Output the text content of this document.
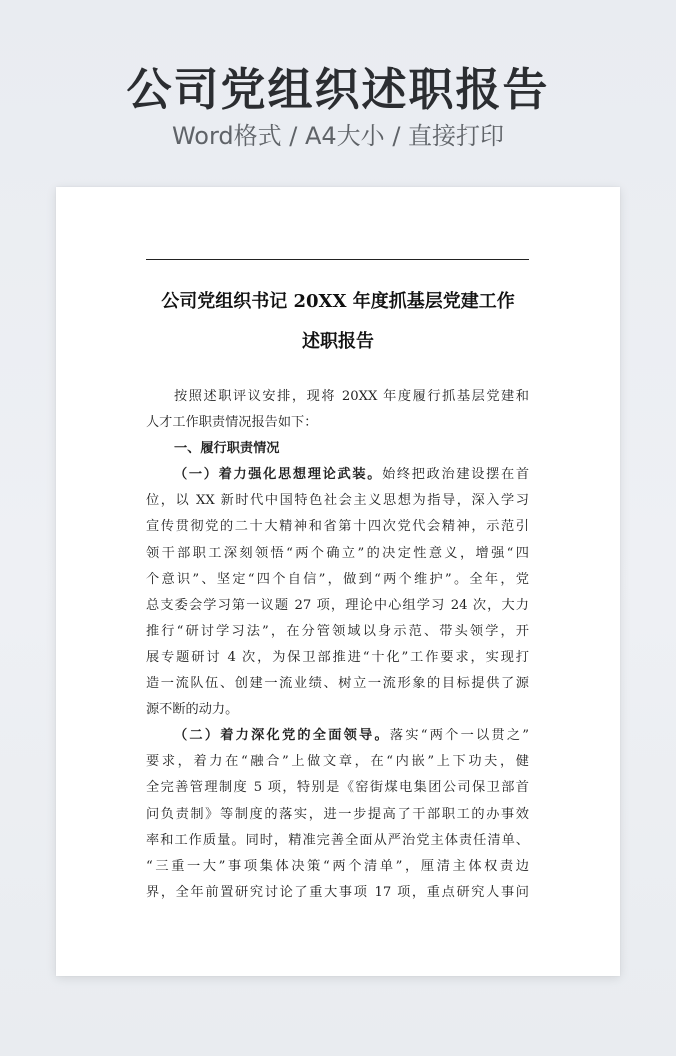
公司党组织述职报告
Word格式 / A4大小 / 直接打印
公司党组织书记 20XX 年度抓基层党建工作
述职报告
按照述职评议安排，现将 20XX 年度履行抓基层党建和
人才工作职责情况报告如下：
一、履行职责情况
（一）着力强化思想理论武装。始终把政治建设摆在首
位，以 XX 新时代中国特色社会主义思想为指导，深入学习
宣传贯彻党的二十大精神和省第十四次党代会精神，示范引
领干部职工深刻领悟“两个确立”的决定性意义，增强“四
个意识”、坚定“四个自信”，做到“两个维护”。全年，党
总支委会学习第一议题 27 项，理论中心组学习 24 次，大力
推行“研讨学习法”，在分管领域以身示范、带头领学，开
展专题研讨 4 次，为保卫部推进“十化”工作要求，实现打
造一流队伍、创建一流业绩、树立一流形象的目标提供了源
源不断的动力。
（二）着力深化党的全面领导。落实“两个一以贯之”
要求，着力在“融合”上做文章，在“内嵌”上下功夫，健
全完善管理制度 5 项，特别是《窑街煤电集团公司保卫部首
问负责制》等制度的落实，进一步提高了干部职工的办事效
率和工作质量。同时，精准完善全面从严治党主体责任清单、
“三重一大”事项集体决策“两个清单”，厘清主体权责边
界，全年前置研究讨论了重大事项 17 项，重点研究人事问
